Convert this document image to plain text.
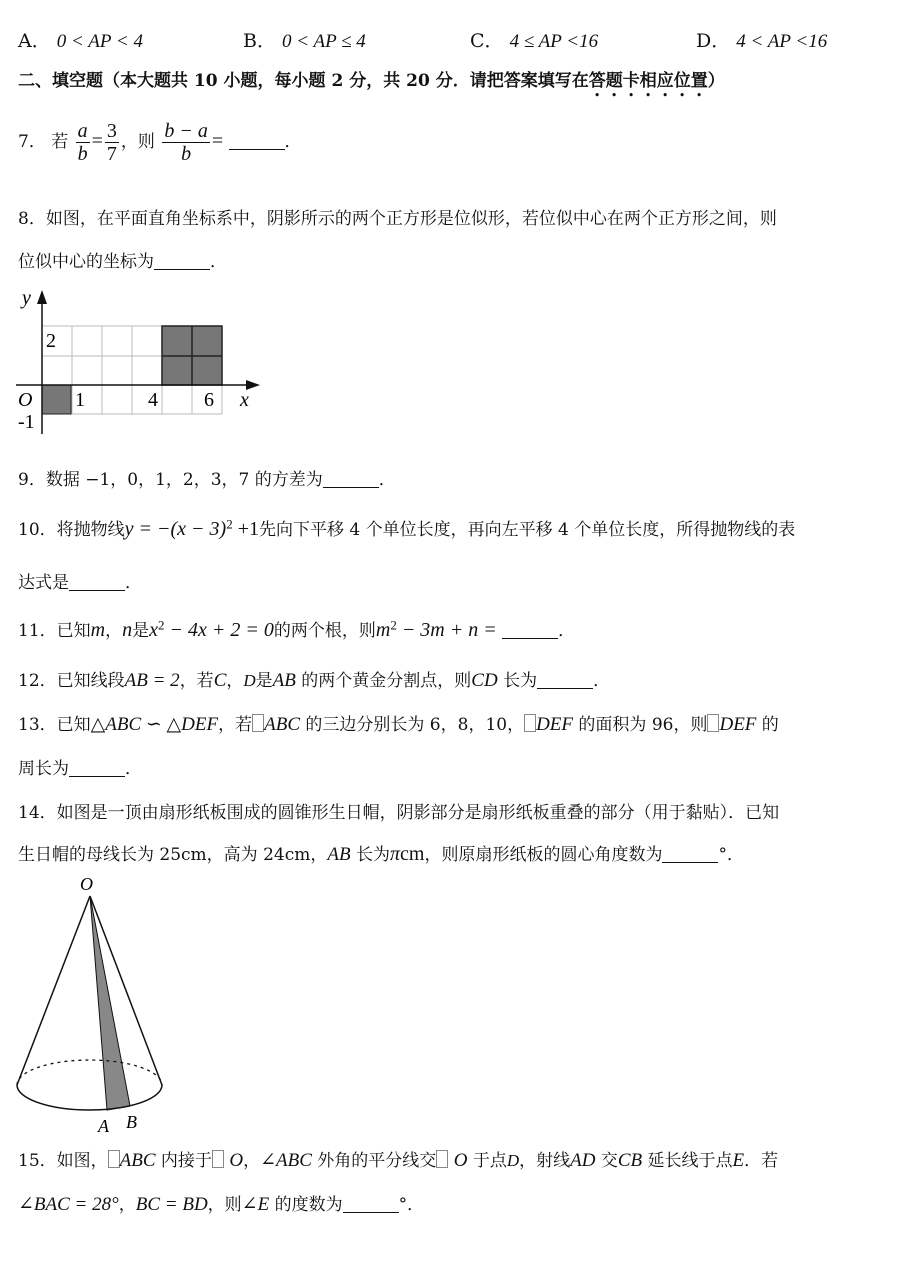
A． 0 < AP < 4	B． 0 < AP ≤ 4	C． 4 ≤ AP <16	D． 4 < AP <16
二、填空题（本大题共 10 小题，每小题 2 分，共 20 分．请把答案填写在答题卡相应位置）
7． 若 $\frac{a}{b} = \frac{3}{7}$ ，则 $\frac{b - a}{b}$ =	．
8．如图，在平面直角坐标系中，阴影所示的两个正方形是位似形，若位似中心在两个正方形之间，则
位似中心的坐标为	．
y
x
O
2
1	4 6
-1
9．数据 −1，0，1，2，3，7 的方差为	．
10．将抛物线$y = -(x - 3)^2 +1$先向下平移 4 个单位长度，再向左平移 4 个单位长度，所得抛物线的表
达式是	．
11．已知m，n是$x^2 - 4x + 2 = 0$的两个根，则$m^2 - 3m + n$ =	．
12．已知线段AB = 2，若C，D是AB 的两个黄金分割点，则CD 长为	．
13．已知△ABC ∽ △DEF，若 ABC 的三边分别长为 6，8，10， DEF 的面积为 96，则 DEF 的
周长为	．
14．如图是一顶由扇形纸板围成的圆锥形生日帽，阴影部分是扇形纸板重叠的部分（用于黏贴）．已知
生日帽的母线长为 25cm，高为 24cm，AB 长为πcm，则原扇形纸板的圆心角度数为	°．
O
A B
15．如图， ABC 内接于 O，∠ABC 外角的平分线交 O 于点D，射线AD 交CB 延长线于点E．若
∠BAC = 28°，BC = BD，则∠E 的度数为	°．
